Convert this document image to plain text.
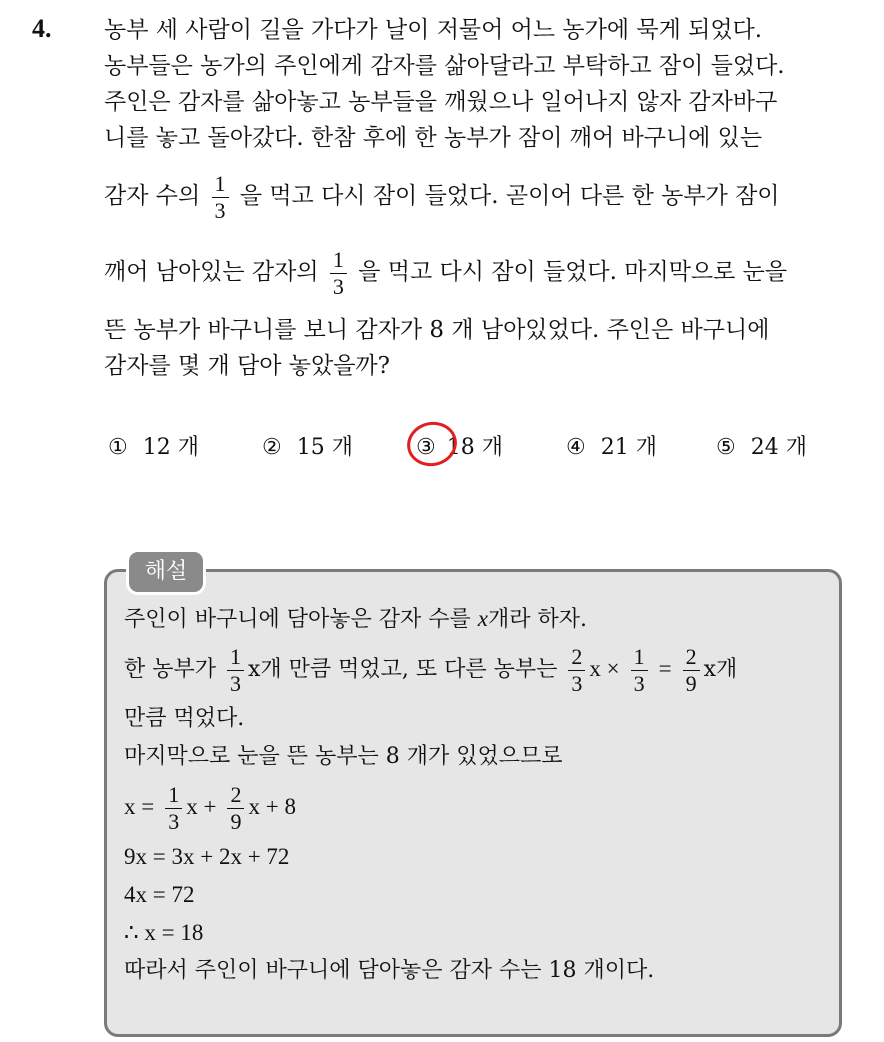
4. 농부 세 사람이 길을 가다가 날이 저물어 어느 농가에 묵게 되었다.
농부들은 농가의 주인에게 감자를 삶아달라고 부탁하고 잠이 들었다.
주인은 감자를 삶아놓고 농부들을 깨웠으나 일어나지 않자 감자바구
니를 놓고 돌아갔다. 한참 후에 한 농부가 잠이 깨어 바구니에 있는
감자 수의 $\frac{1}{3}$ 을 먹고 다시 잠이 들었다. 곧이어 다른 한 농부가 잠이
깨어 남아있는 감자의 $\frac{1}{3}$ 을 먹고 다시 잠이 들었다. 마지막으로 눈을
뜬 농부가 바구니를 보니 감자가 8 개 남아있었다. 주인은 바구니에
감자를 몇 개 담아 놓았을까?
① 12 개	② 15 개	③ 18 개	④ 21 개	⑤ 24 개
해설
주인이 바구니에 담아놓은 감자 수를 x개라 하자.
한 농부가 $\frac{1}{3}$ x개 만큼 먹었고, 또 다른 농부는 $\frac{2}{3}$ $x \times \frac{1}{3} = \frac{2}{9}$ x개
만큼 먹었다.
마지막으로 눈을 뜬 농부는 8 개가 있었으므로
$x = \frac{1}{3}$ $x + \frac{2}{9}$ x + 8
9x = 3x + 2x + 72
4x = 72
∴ x = 18
따라서 주인이 바구니에 담아놓은 감자 수는 18 개이다.
